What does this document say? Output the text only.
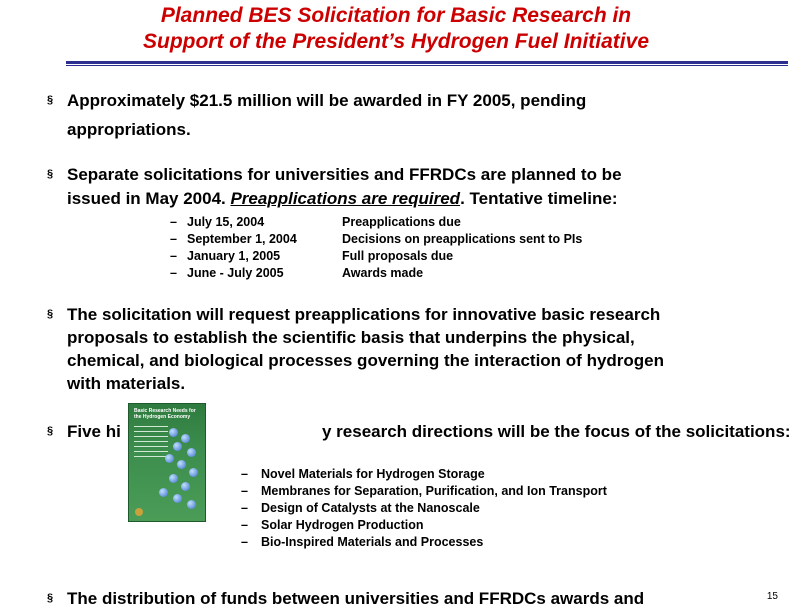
Planned BES Solicitation for Basic Research in
Support of the President’s Hydrogen Fuel Initiative
§ Approximately $21.5 million will be awarded in FY 2005, pending
appropriations.
§ Separate solicitations for universities and FFRDCs are planned to be
issued in May 2004. Preapplications are required. Tentative timeline:
– July 15, 2004	Preapplications due
– September 1, 2004	Decisions on preapplications sent to PIs
– January 1, 2005	Full proposals due
– June - July 2005	Awards made
§ The solicitation will request preapplications for innovative basic research
proposals to establish the scientific basis that underpins the physical,
chemical, and biological processes governing the interaction of hydrogen
with materials.
§ Five hi	y research directions will be the focus of the solicitations:
Basic Research Needs for the Hydrogen Economy
– Novel Materials for Hydrogen Storage
– Membranes for Separation, Purification, and Ion Transport
– Design of Catalysts at the Nanoscale
– Solar Hydrogen Production
– Bio-Inspired Materials and Processes
§ The distribution of funds between universities and FFRDCs awards and	15
